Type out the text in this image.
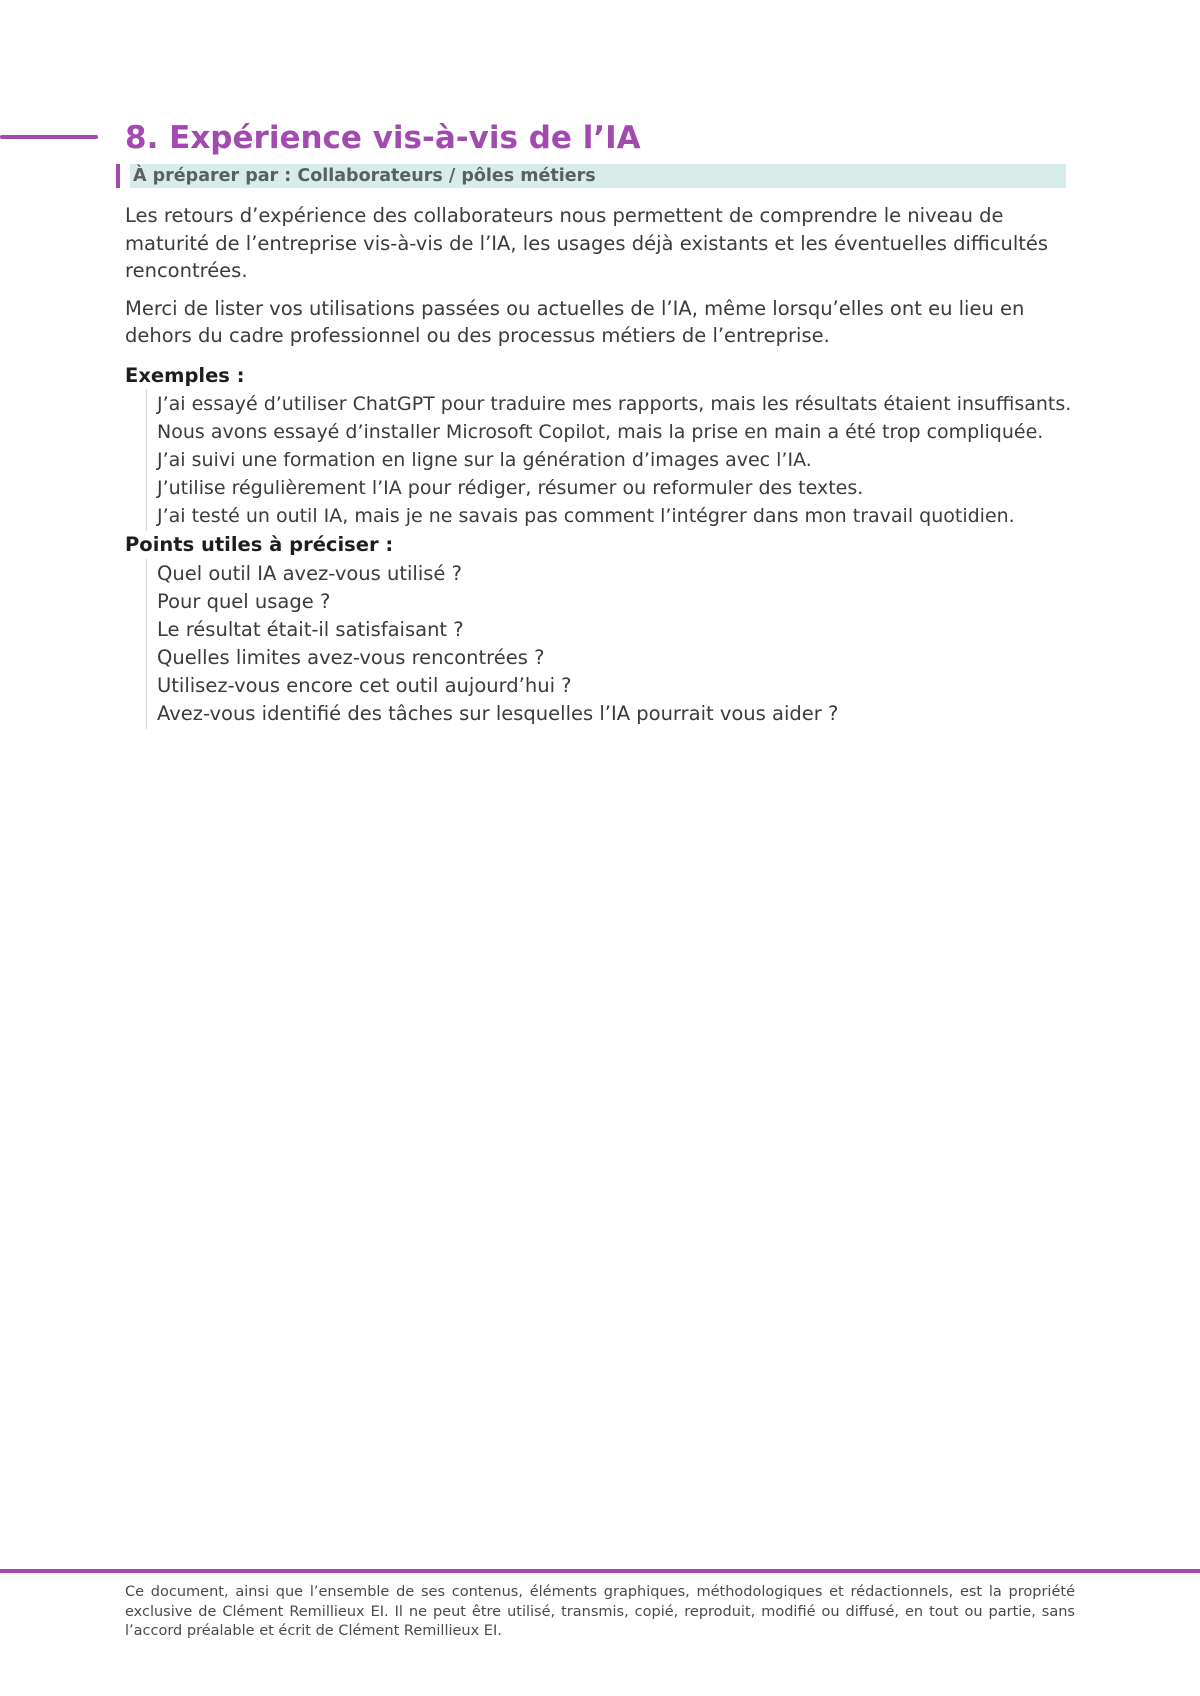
8. Expérience vis-à-vis de l’IA
À préparer par : Collaborateurs / pôles métiers

Les retours d’expérience des collaborateurs nous permettent de comprendre le niveau de maturité de l’entreprise vis-à-vis de l’IA, les usages déjà existants et les éventuelles difficultés rencontrées.

Merci de lister vos utilisations passées ou actuelles de l’IA, même lorsqu’elles ont eu lieu en dehors du cadre professionnel ou des processus métiers de l’entreprise.

Exemples :

J’ai essayé d’utiliser ChatGPT pour traduire mes rapports, mais les résultats étaient insuffisants.
Nous avons essayé d’installer Microsoft Copilot, mais la prise en main a été trop compliquée.
J’ai suivi une formation en ligne sur la génération d’images avec l’IA.
J’utilise régulièrement l’IA pour rédiger, résumer ou reformuler des textes.
J’ai testé un outil IA, mais je ne savais pas comment l’intégrer dans mon travail quotidien.

Points utiles à préciser :

Quel outil IA avez-vous utilisé ?
Pour quel usage ?
Le résultat était-il satisfaisant ?
Quelles limites avez-vous rencontrées ?
Utilisez-vous encore cet outil aujourd’hui ?
Avez-vous identifié des tâches sur lesquelles l’IA pourrait vous aider ?

Ce document, ainsi que l’ensemble de ses contenus, éléments graphiques, méthodologiques et rédactionnels, est la propriété exclusive de Clément Remillieux EI. Il ne peut être utilisé, transmis, copié, reproduit, modifié ou diffusé, en tout ou partie, sans l’accord préalable et écrit de Clément Remillieux EI.
